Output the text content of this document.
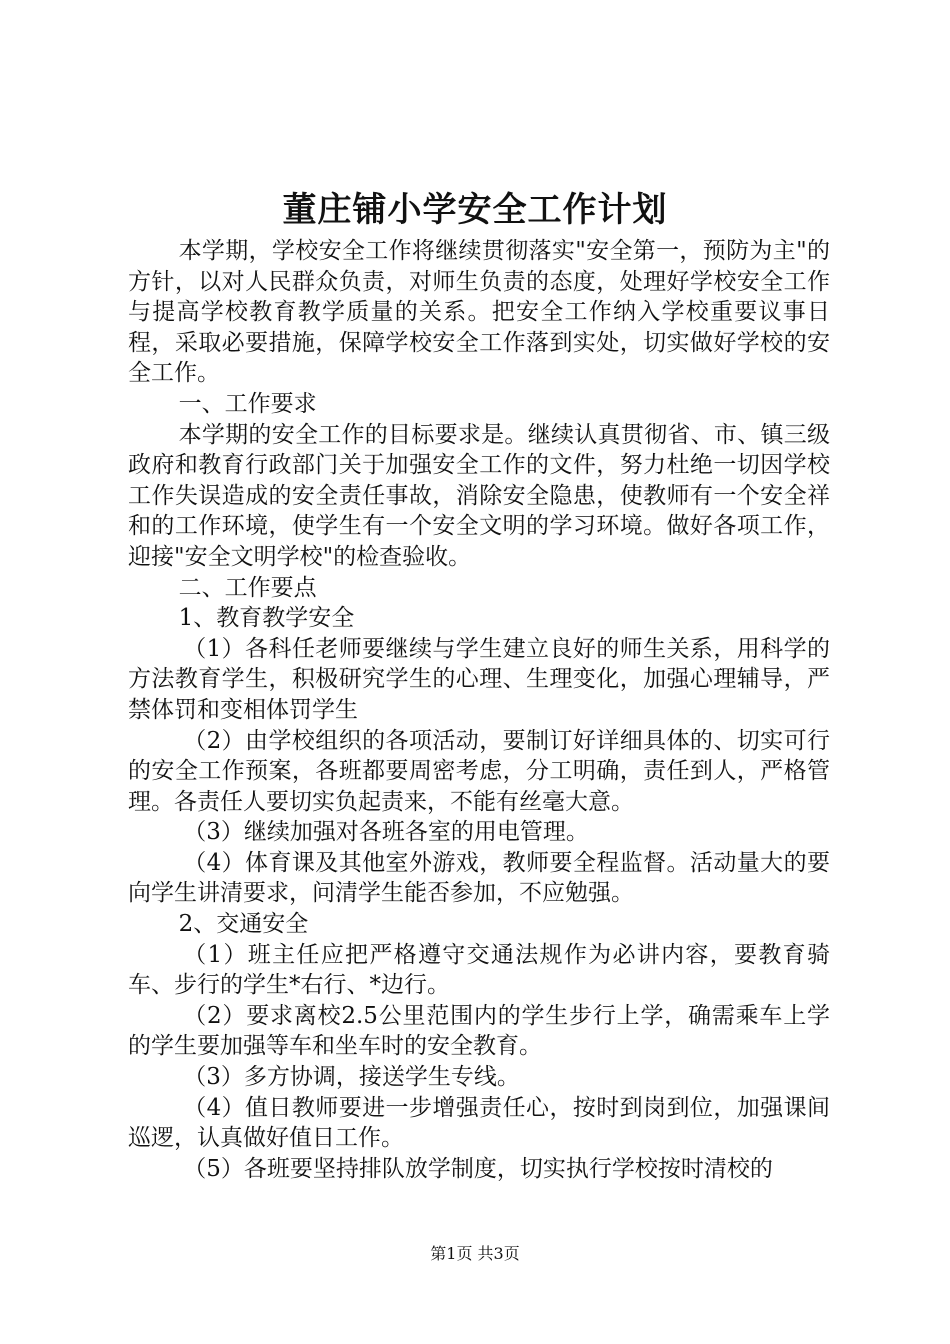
董庄铺小学安全工作计划

本学期，学校安全工作将继续贯彻落实"安全第一，预防为主"的方针，以对人民群众负责，对师生负责的态度，处理好学校安全工作与提高学校教育教学质量的关系。把安全工作纳入学校重要议事日程，采取必要措施，保障学校安全工作落到实处，切实做好学校的安全工作。

一、工作要求

本学期的安全工作的目标要求是。继续认真贯彻省、市、镇三级政府和教育行政部门关于加强安全工作的文件，努力杜绝一切因学校工作失误造成的安全责任事故，消除安全隐患，使教师有一个安全祥和的工作环境，使学生有一个安全文明的学习环境。做好各项工作，迎接"安全文明学校"的检查验收。

二、工作要点

1、教育教学安全

（1）各科任老师要继续与学生建立良好的师生关系，用科学的方法教育学生，积极研究学生的心理、生理变化，加强心理辅导，严禁体罚和变相体罚学生

（2）由学校组织的各项活动，要制订好详细具体的、切实可行的安全工作预案，各班都要周密考虑，分工明确，责任到人，严格管理。各责任人要切实负起责来，不能有丝毫大意。

（3）继续加强对各班各室的用电管理。

（4）体育课及其他室外游戏，教师要全程监督。活动量大的要向学生讲清要求，问清学生能否参加，不应勉强。

2、交通安全

（1）班主任应把严格遵守交通法规作为必讲内容，要教育骑车、步行的学生*右行、*边行。

（2）要求离校2.5公里范围内的学生步行上学，确需乘车上学的学生要加强等车和坐车时的安全教育。

（3）多方协调，接送学生专线。

（4）值日教师要进一步增强责任心，按时到岗到位，加强课间巡逻，认真做好值日工作。

（5）各班要坚持排队放学制度，切实执行学校按时清校的

第1页 共3页
